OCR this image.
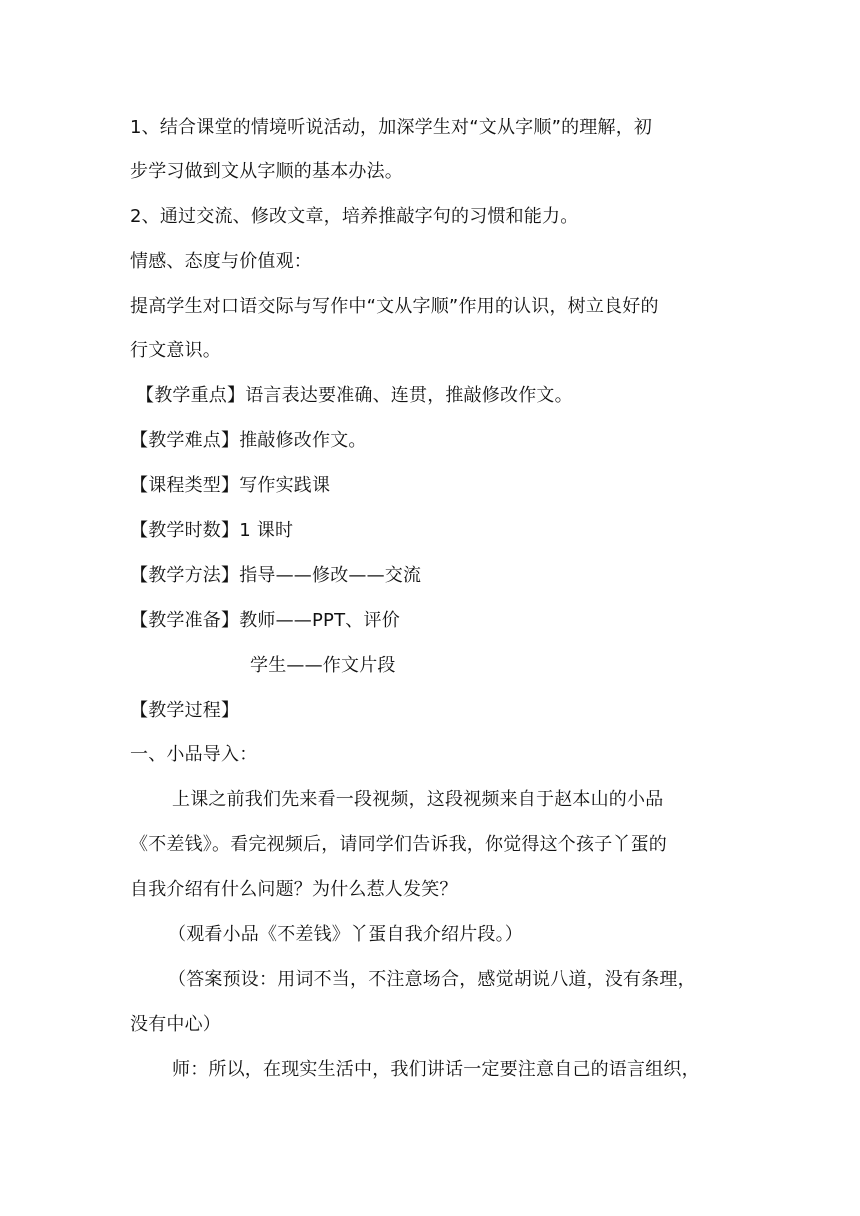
1、结合课堂的情境听说活动，加深学生对“文从字顺”的理解，初
步学习做到文从字顺的基本办法。
2、通过交流、修改文章，培养推敲字句的习惯和能力。
情感、态度与价值观：
提高学生对口语交际与写作中“文从字顺”作用的认识，树立良好的
行文意识。
【教学重点】语言表达要准确、连贯，推敲修改作文。
【教学难点】推敲修改作文。
【课程类型】写作实践课
【教学时数】1 课时
【教学方法】指导——修改——交流
【教学准备】教师——PPT、评价
学生——作文片段
【教学过程】
一、小品导入：
上课之前我们先来看一段视频，这段视频来自于赵本山的小品
《不差钱》。看完视频后，请同学们告诉我，你觉得这个孩子丫蛋的
自我介绍有什么问题？为什么惹人发笑？
（观看小品《不差钱》丫蛋自我介绍片段。）
（答案预设：用词不当，不注意场合，感觉胡说八道，没有条理，
没有中心）
师：所以，在现实生活中，我们讲话一定要注意自己的语言组织，
